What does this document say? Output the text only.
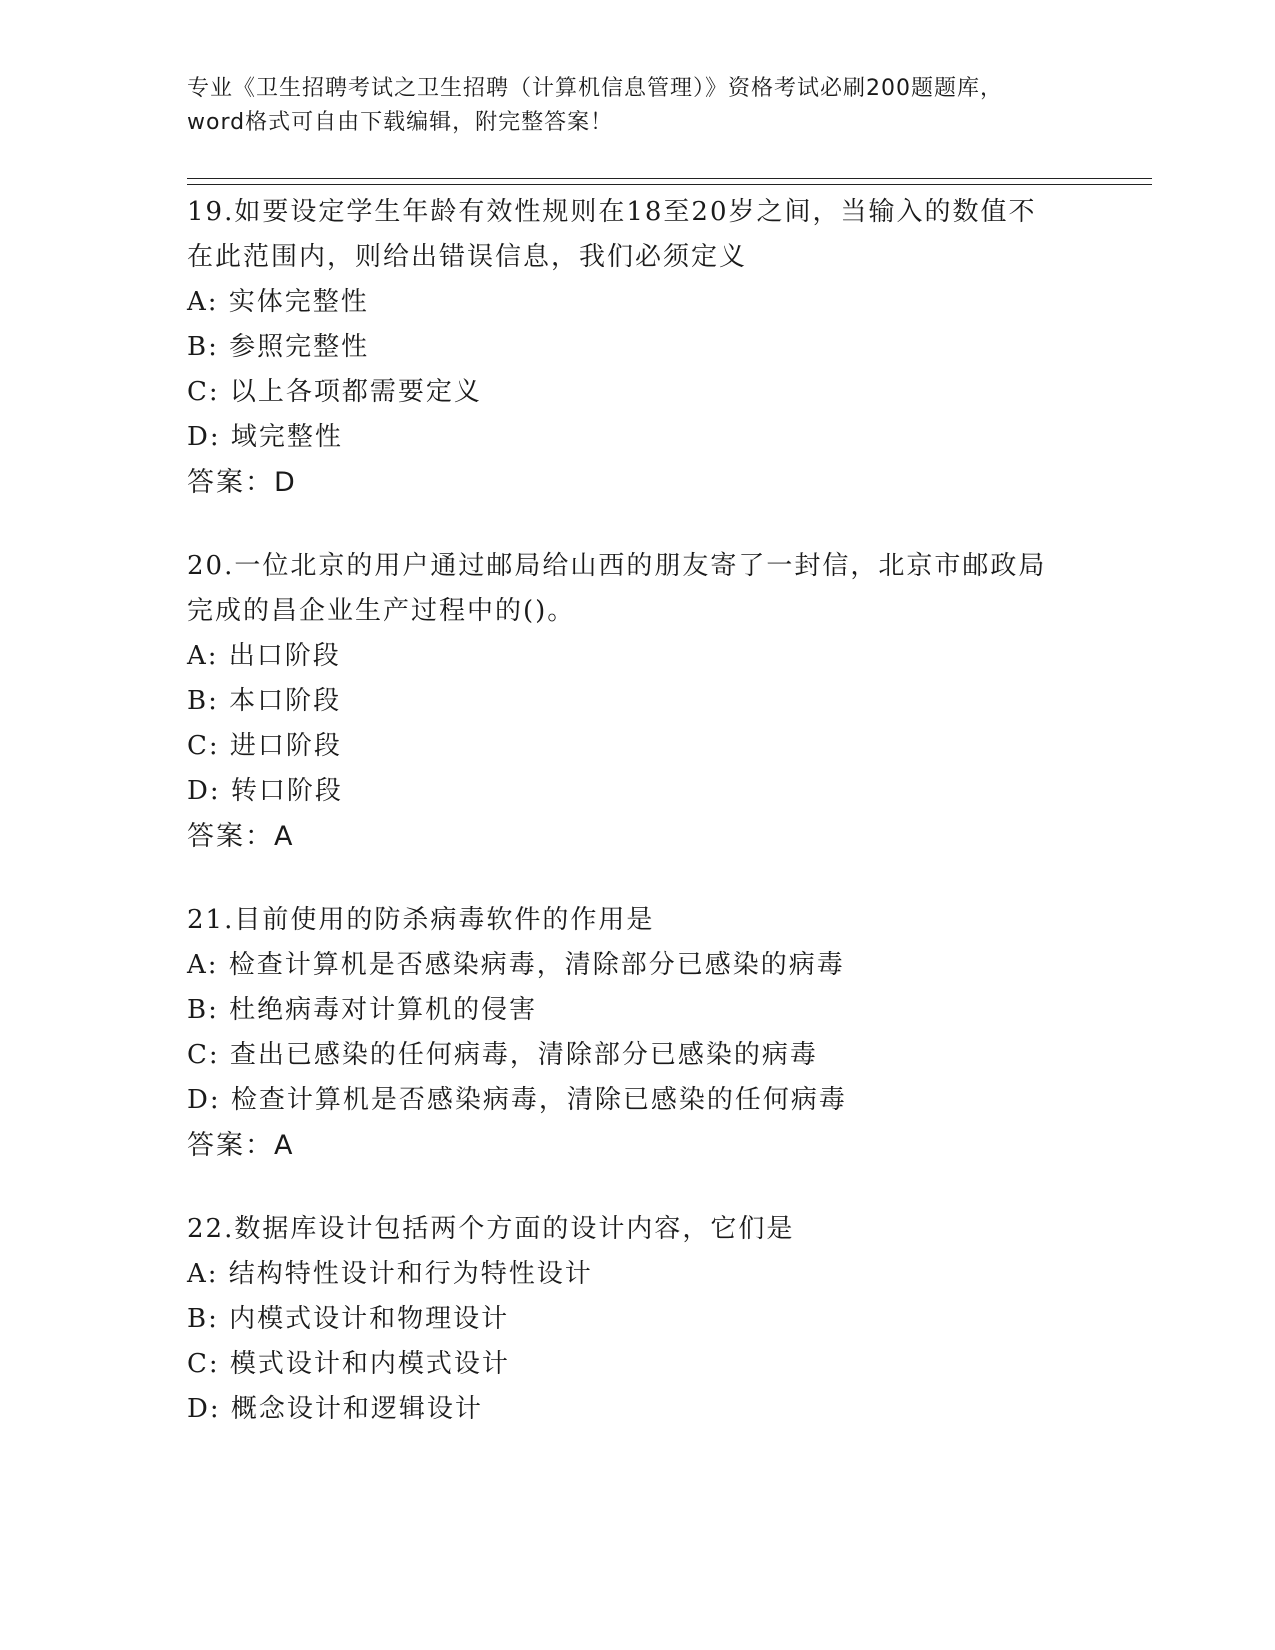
专业《卫生招聘考试之卫生招聘（计算机信息管理）》资格考试必刷200题题库，
word格式可自由下载编辑，附完整答案！
19.如要设定学生年龄有效性规则在18至20岁之间，当输入的数值不
在此范围内，则给出错误信息，我们必须定义
A: 实体完整性
B: 参照完整性
C: 以上各项都需要定义
D: 域完整性
答案：D
20.一位北京的用户通过邮局给山西的朋友寄了一封信，北京市邮政局
完成的昌企业生产过程中的()。
A: 出口阶段
B: 本口阶段
C: 进口阶段
D: 转口阶段
答案：A
21.目前使用的防杀病毒软件的作用是
A: 检查计算机是否感染病毒，清除部分已感染的病毒
B: 杜绝病毒对计算机的侵害
C: 查出已感染的任何病毒，清除部分已感染的病毒
D: 检查计算机是否感染病毒，清除已感染的任何病毒
答案：A
22.数据库设计包括两个方面的设计内容，它们是
A: 结构特性设计和行为特性设计
B: 内模式设计和物理设计
C: 模式设计和内模式设计
D: 概念设计和逻辑设计
